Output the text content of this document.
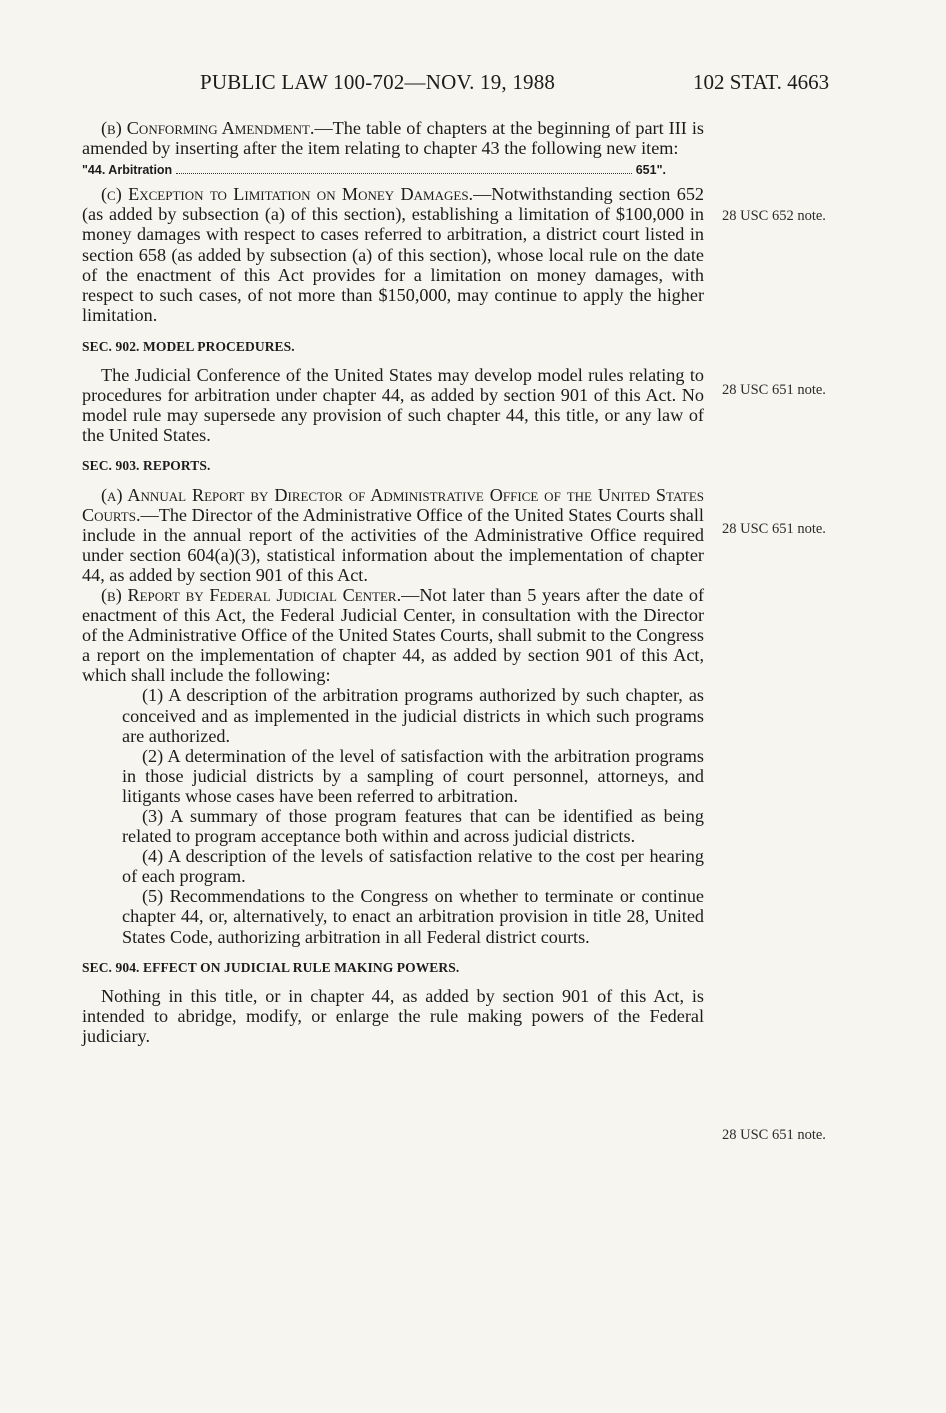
PUBLIC LAW 100-702—NOV. 19, 1988	102 STAT. 4663

(b) Conforming Amendment.—The table of chapters at the beginning of part III is amended by inserting after the item relating to chapter 43 the following new item:

"44. Arbitration	651".

(c) Exception to Limitation on Money Damages.—Notwithstanding section 652 (as added by subsection (a) of this section), establishing a limitation of $100,000 in money damages with respect to cases referred to arbitration, a district court listed in section 658 (as added by subsection (a) of this section), whose local rule on the date of the enactment of this Act provides for a limitation on money damages, with respect to such cases, of not more than $150,000, may continue to apply the higher limitation.

SEC. 902. MODEL PROCEDURES.

The Judicial Conference of the United States may develop model rules relating to procedures for arbitration under chapter 44, as added by section 901 of this Act. No model rule may supersede any provision of such chapter 44, this title, or any law of the United States.

SEC. 903. REPORTS.

(a) Annual Report by Director of Administrative Office of the United States Courts.—The Director of the Administrative Office of the United States Courts shall include in the annual report of the activities of the Administrative Office required under section 604(a)(3), statistical information about the implementation of chapter 44, as added by section 901 of this Act.

(b) Report by Federal Judicial Center.—Not later than 5 years after the date of enactment of this Act, the Federal Judicial Center, in consultation with the Director of the Administrative Office of the United States Courts, shall submit to the Congress a report on the implementation of chapter 44, as added by section 901 of this Act, which shall include the following:

(1) A description of the arbitration programs authorized by such chapter, as conceived and as implemented in the judicial districts in which such programs are authorized.

(2) A determination of the level of satisfaction with the arbitration programs in those judicial districts by a sampling of court personnel, attorneys, and litigants whose cases have been referred to arbitration.

(3) A summary of those program features that can be identified as being related to program acceptance both within and across judicial districts.

(4) A description of the levels of satisfaction relative to the cost per hearing of each program.

(5) Recommendations to the Congress on whether to terminate or continue chapter 44, or, alternatively, to enact an arbitration provision in title 28, United States Code, authorizing arbitration in all Federal district courts.

SEC. 904. EFFECT ON JUDICIAL RULE MAKING POWERS.

Nothing in this title, or in chapter 44, as added by section 901 of this Act, is intended to abridge, modify, or enlarge the rule making powers of the Federal judiciary.

28 USC 652 note.
28 USC 651 note.
28 USC 651 note.
28 USC 651 note.
